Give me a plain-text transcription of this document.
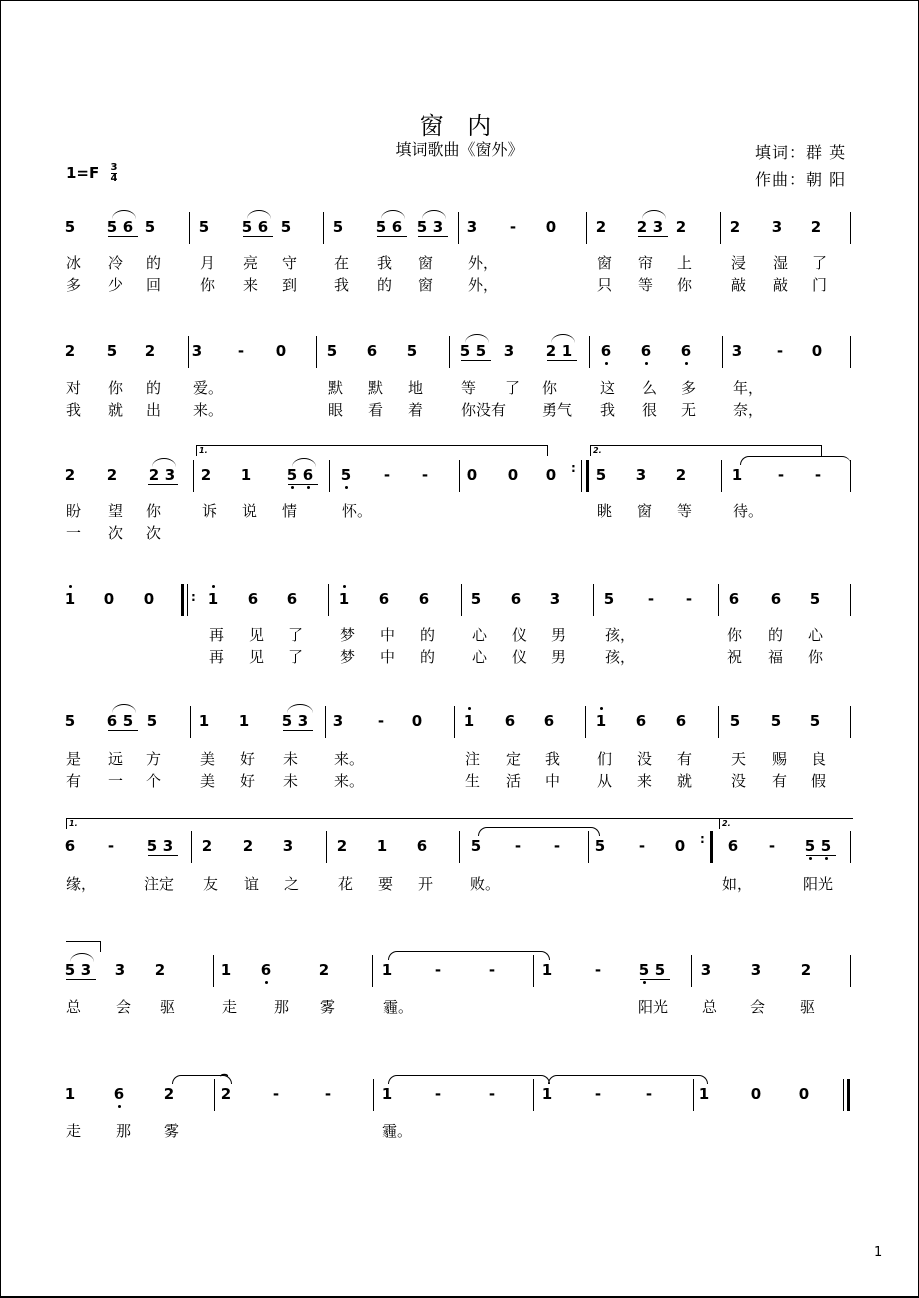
窗 内
填词歌曲《窗外》	填词：群 英
作曲：朝 阳
$1=F \frac{3}{4}$
5 5 6 5	5 5 6 5	5 5 6 5 3 3 - 0	2 2 3 2	2 3 2
冰 冷 的	月 亮 守 在 我 窗 外，	窗 帘 上	浸 湿 了
多 少 回	你 来 到 我 的 窗 外，	只 等 你	敲 敲 门
2 5 2 3 - 0	5 6 5	5 5 3 2 1 6 6 6	3 - 0
对 你 的 爱。	默 默 地	等 了 你	这 么 多 年，
我 就 出 来。	眼 看 着	你没有 勇气 我 很 无 奈，
2 2 2 3 2 1 5 6 5 - -	0 0 0	5 3 2	1 - -
:
1.	2.
盼 望 你	诉 说 情	怀。	眺 窗 等	待。
一 次 次
1 0 0	1 6 6	1 6 6	5 6 3	5 - - 6 6 5
:
再 见 了 梦 中 的 心 仪 男	孩，	你 的 心
再 见 了 梦 中 的 心 仪 男	孩，	祝 福 你
5 6 5 5	1 1 5 3 3 - 0	1 6 6	1 6 6	5 5 5
是 远 方	美 好 未 来。	注 定 我 们 没 有	天 赐 良
有 一 个	美 好 未 来。	生 活 中 从 来 就	没 有 假
6 - 5 3 2 2 3	2 1 6	5 - - 5 - 0	6 - 5 5
:
1.	2.
缘，	注定 友 谊 之	花 要 开 败。	如，	阳光
5 3 3 2	1 6	2	1	-	-	1	-	5 5 3	3	2
总 会 驱	走 那 雾	霾。	阳光 总 会 驱
1	6	2	2
⌢
-	-	1	-	-	1	-	-	1	0	0
走 那 雾	霾。
1
